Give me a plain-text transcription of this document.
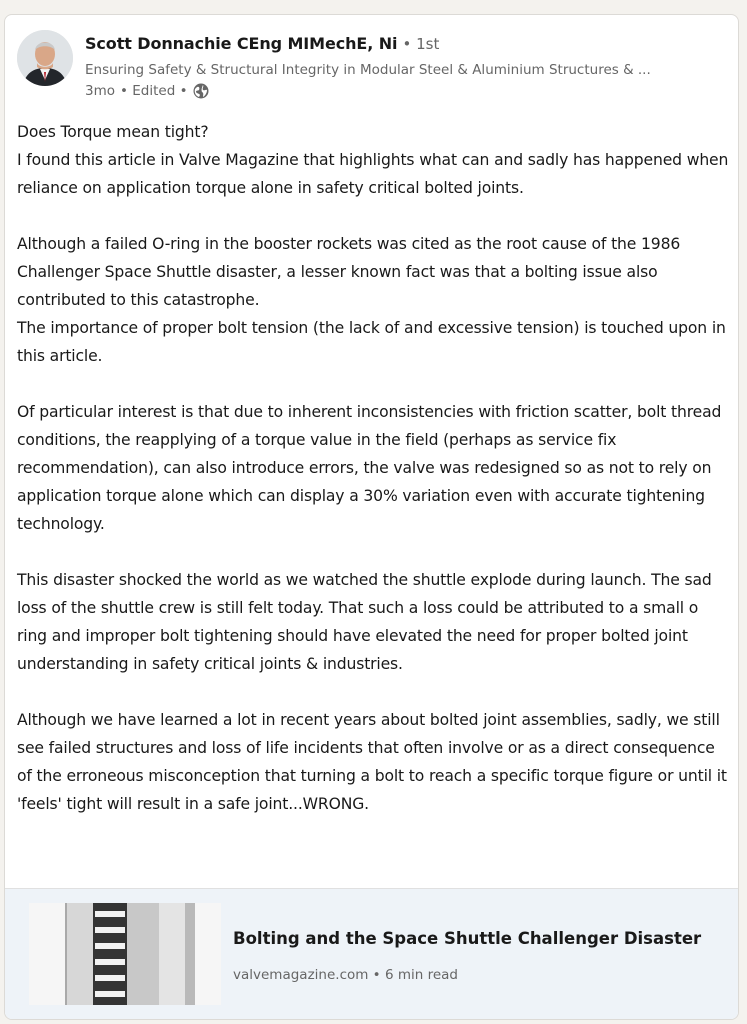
Scott Donnachie CEng MIMechE, Ni • 1st
Ensuring Safety & Structural Integrity in Modular Steel & Aluminium Structures & ...
3mo • Edited •

Does Torque mean tight?

I found this article in Valve Magazine that highlights what can and sadly has happened when reliance on application torque alone in safety critical bolted joints.

Although a failed O-ring in the booster rockets was cited as the root cause of the 1986 Challenger Space Shuttle disaster, a lesser known fact was that a bolting issue also contributed to this catastrophe.

The importance of proper bolt tension (the lack of and excessive tension) is touched upon in this article.

Of particular interest is that due to inherent inconsistencies with friction scatter, bolt thread conditions, the reapplying of a torque value in the field (perhaps as service fix recommendation), can also introduce errors, the valve was redesigned so as not to rely on application torque alone which can display a 30% variation even with accurate tightening technology.

This disaster shocked the world as we watched the shuttle explode during launch. The sad loss of the shuttle crew is still felt today. That such a loss could be attributed to a small o ring and improper bolt tightening should have elevated the need for proper bolted joint understanding in safety critical joints & industries.

Although we have learned a lot in recent years about bolted joint assemblies, sadly, we still see failed structures and loss of life incidents that often involve or as a direct consequence of the erroneous misconception that turning a bolt to reach a specific torque figure or until it 'feels' tight will result in a safe joint...WRONG.

Bolting and the Space Shuttle Challenger Disaster
valvemagazine.com • 6 min read
